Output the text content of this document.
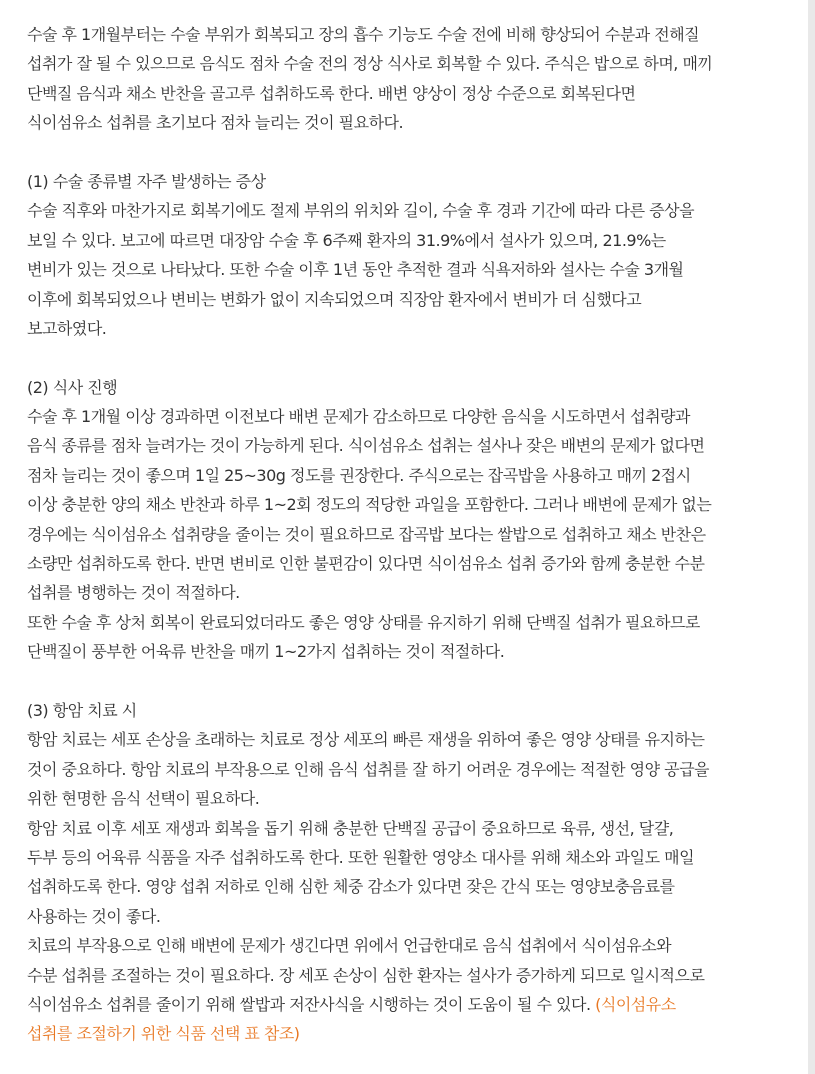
수술 후 1개월부터는 수술 부위가 회복되고 장의 흡수 기능도 수술 전에 비해 향상되어 수분과 전해질
섭취가 잘 될 수 있으므로 음식도 점차 수술 전의 정상 식사로 회복할 수 있다. 주식은 밥으로 하며, 매끼
단백질 음식과 채소 반찬을 골고루 섭취하도록 한다. 배변 양상이 정상 수준으로 회복된다면
식이섬유소 섭취를 초기보다 점차 늘리는 것이 필요하다.
(1) 수술 종류별 자주 발생하는 증상
수술 직후와 마찬가지로 회복기에도 절제 부위의 위치와 길이, 수술 후 경과 기간에 따라 다른 증상을
보일 수 있다. 보고에 따르면 대장암 수술 후 6주째 환자의 31.9%에서 설사가 있으며, 21.9%는
변비가 있는 것으로 나타났다. 또한 수술 이후 1년 동안 추적한 결과 식욕저하와 설사는 수술 3개월
이후에 회복되었으나 변비는 변화가 없이 지속되었으며 직장암 환자에서 변비가 더 심했다고
보고하였다.
(2) 식사 진행
수술 후 1개월 이상 경과하면 이전보다 배변 문제가 감소하므로 다양한 음식을 시도하면서 섭취량과
음식 종류를 점차 늘려가는 것이 가능하게 된다. 식이섬유소 섭취는 설사나 잦은 배변의 문제가 없다면
점차 늘리는 것이 좋으며 1일 25~30g 정도를 권장한다. 주식으로는 잡곡밥을 사용하고 매끼 2접시
이상 충분한 양의 채소 반찬과 하루 1~2회 정도의 적당한 과일을 포함한다. 그러나 배변에 문제가 없는
경우에는 식이섬유소 섭취량을 줄이는 것이 필요하므로 잡곡밥 보다는 쌀밥으로 섭취하고 채소 반찬은
소량만 섭취하도록 한다. 반면 변비로 인한 불편감이 있다면 식이섬유소 섭취 증가와 함께 충분한 수분
섭취를 병행하는 것이 적절하다.
또한 수술 후 상처 회복이 완료되었더라도 좋은 영양 상태를 유지하기 위해 단백질 섭취가 필요하므로
단백질이 풍부한 어육류 반찬을 매끼 1~2가지 섭취하는 것이 적절하다.
(3) 항암 치료 시
항암 치료는 세포 손상을 초래하는 치료로 정상 세포의 빠른 재생을 위하여 좋은 영양 상태를 유지하는
것이 중요하다. 항암 치료의 부작용으로 인해 음식 섭취를 잘 하기 어려운 경우에는 적절한 영양 공급을
위한 현명한 음식 선택이 필요하다.
항암 치료 이후 세포 재생과 회복을 돕기 위해 충분한 단백질 공급이 중요하므로 육류, 생선, 달걀,
두부 등의 어육류 식품을 자주 섭취하도록 한다. 또한 원활한 영양소 대사를 위해 채소와 과일도 매일
섭취하도록 한다. 영양 섭취 저하로 인해 심한 체중 감소가 있다면 잦은 간식 또는 영양보충음료를
사용하는 것이 좋다.
치료의 부작용으로 인해 배변에 문제가 생긴다면 위에서 언급한대로 음식 섭취에서 식이섬유소와
수분 섭취를 조절하는 것이 필요하다. 장 세포 손상이 심한 환자는 설사가 증가하게 되므로 일시적으로
식이섬유소 섭취를 줄이기 위해 쌀밥과 저잔사식을 시행하는 것이 도움이 될 수 있다. (식이섬유소
섭취를 조절하기 위한 식품 선택 표 참조)
